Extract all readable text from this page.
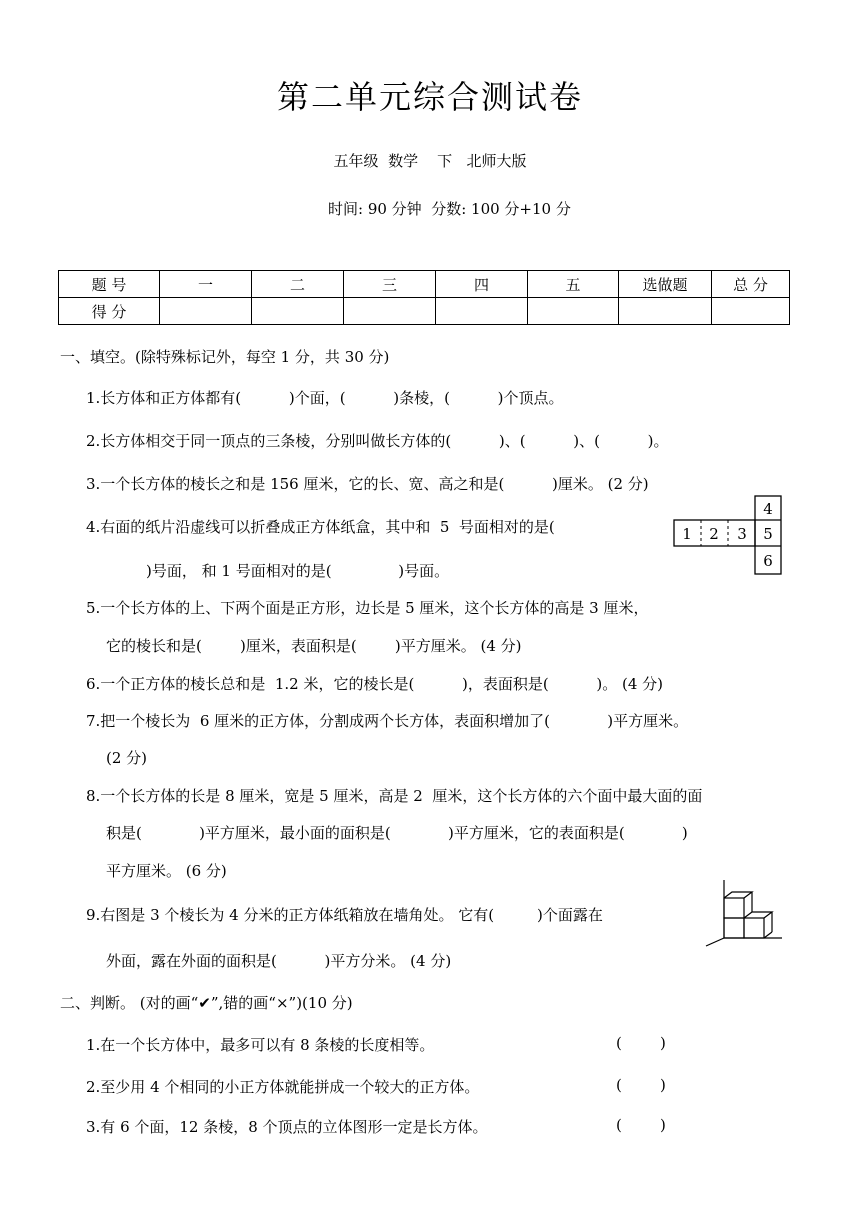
第二单元综合测试卷
五年级  数学    下   北师大版
时间: 90 分钟  分数: 100 分+10 分
题 号	一	二	三	四	五	选做题	总 分
得 分							
一、填空。(除特殊标记外，每空 1 分，共 30 分)
1.长方体和正方体都有(          )个面，(          )条棱，(          )个顶点。
2.长方体相交于同一顶点的三条棱，分别叫做长方体的(          )、(          )、(          )。
3.一个长方体的棱长之和是 156 厘米，它的长、宽、高之和是(          )厘米。 (2 分)
4.右面的纸片沿虚线可以折叠成正方体纸盒，其中和  5  号面相对的是(
)号面， 和 1 号面相对的是(              )号面。
1 2 3
4
5
6
5.一个长方体的上、下两个面是正方形，边长是 5 厘米，这个长方体的高是 3 厘米，
它的棱长和是(        )厘米，表面积是(        )平方厘米。 (4 分)
6.一个正方体的棱长总和是  1.2 米，它的棱长是(          )，表面积是(          )。 (4 分)
7.把一个棱长为  6 厘米的正方体，分割成两个长方体，表面积增加了(            )平方厘米。
(2 分)
8.一个长方体的长是 8 厘米，宽是 5 厘米，高是 2  厘米，这个长方体的六个面中最大面的面
积是(            )平方厘米，最小面的面积是(            )平方厘米，它的表面积是(            )
平方厘米。 (6 分)
9.右图是 3 个棱长为 4 分米的正方体纸箱放在墙角处。 它有(         )个面露在
外面，露在外面的面积是(          )平方分米。 (4 分)
二、判断。 (对的画“✔”,错的画“×”)(10 分)
1.在一个长方体中，最多可以有 8 条棱的长度相等。	(        )
2.至少用 4 个相同的小正方体就能拼成一个较大的正方体。	(        )
3.有 6 个面，12 条棱，8 个顶点的立体图形一定是长方体。	(        )
